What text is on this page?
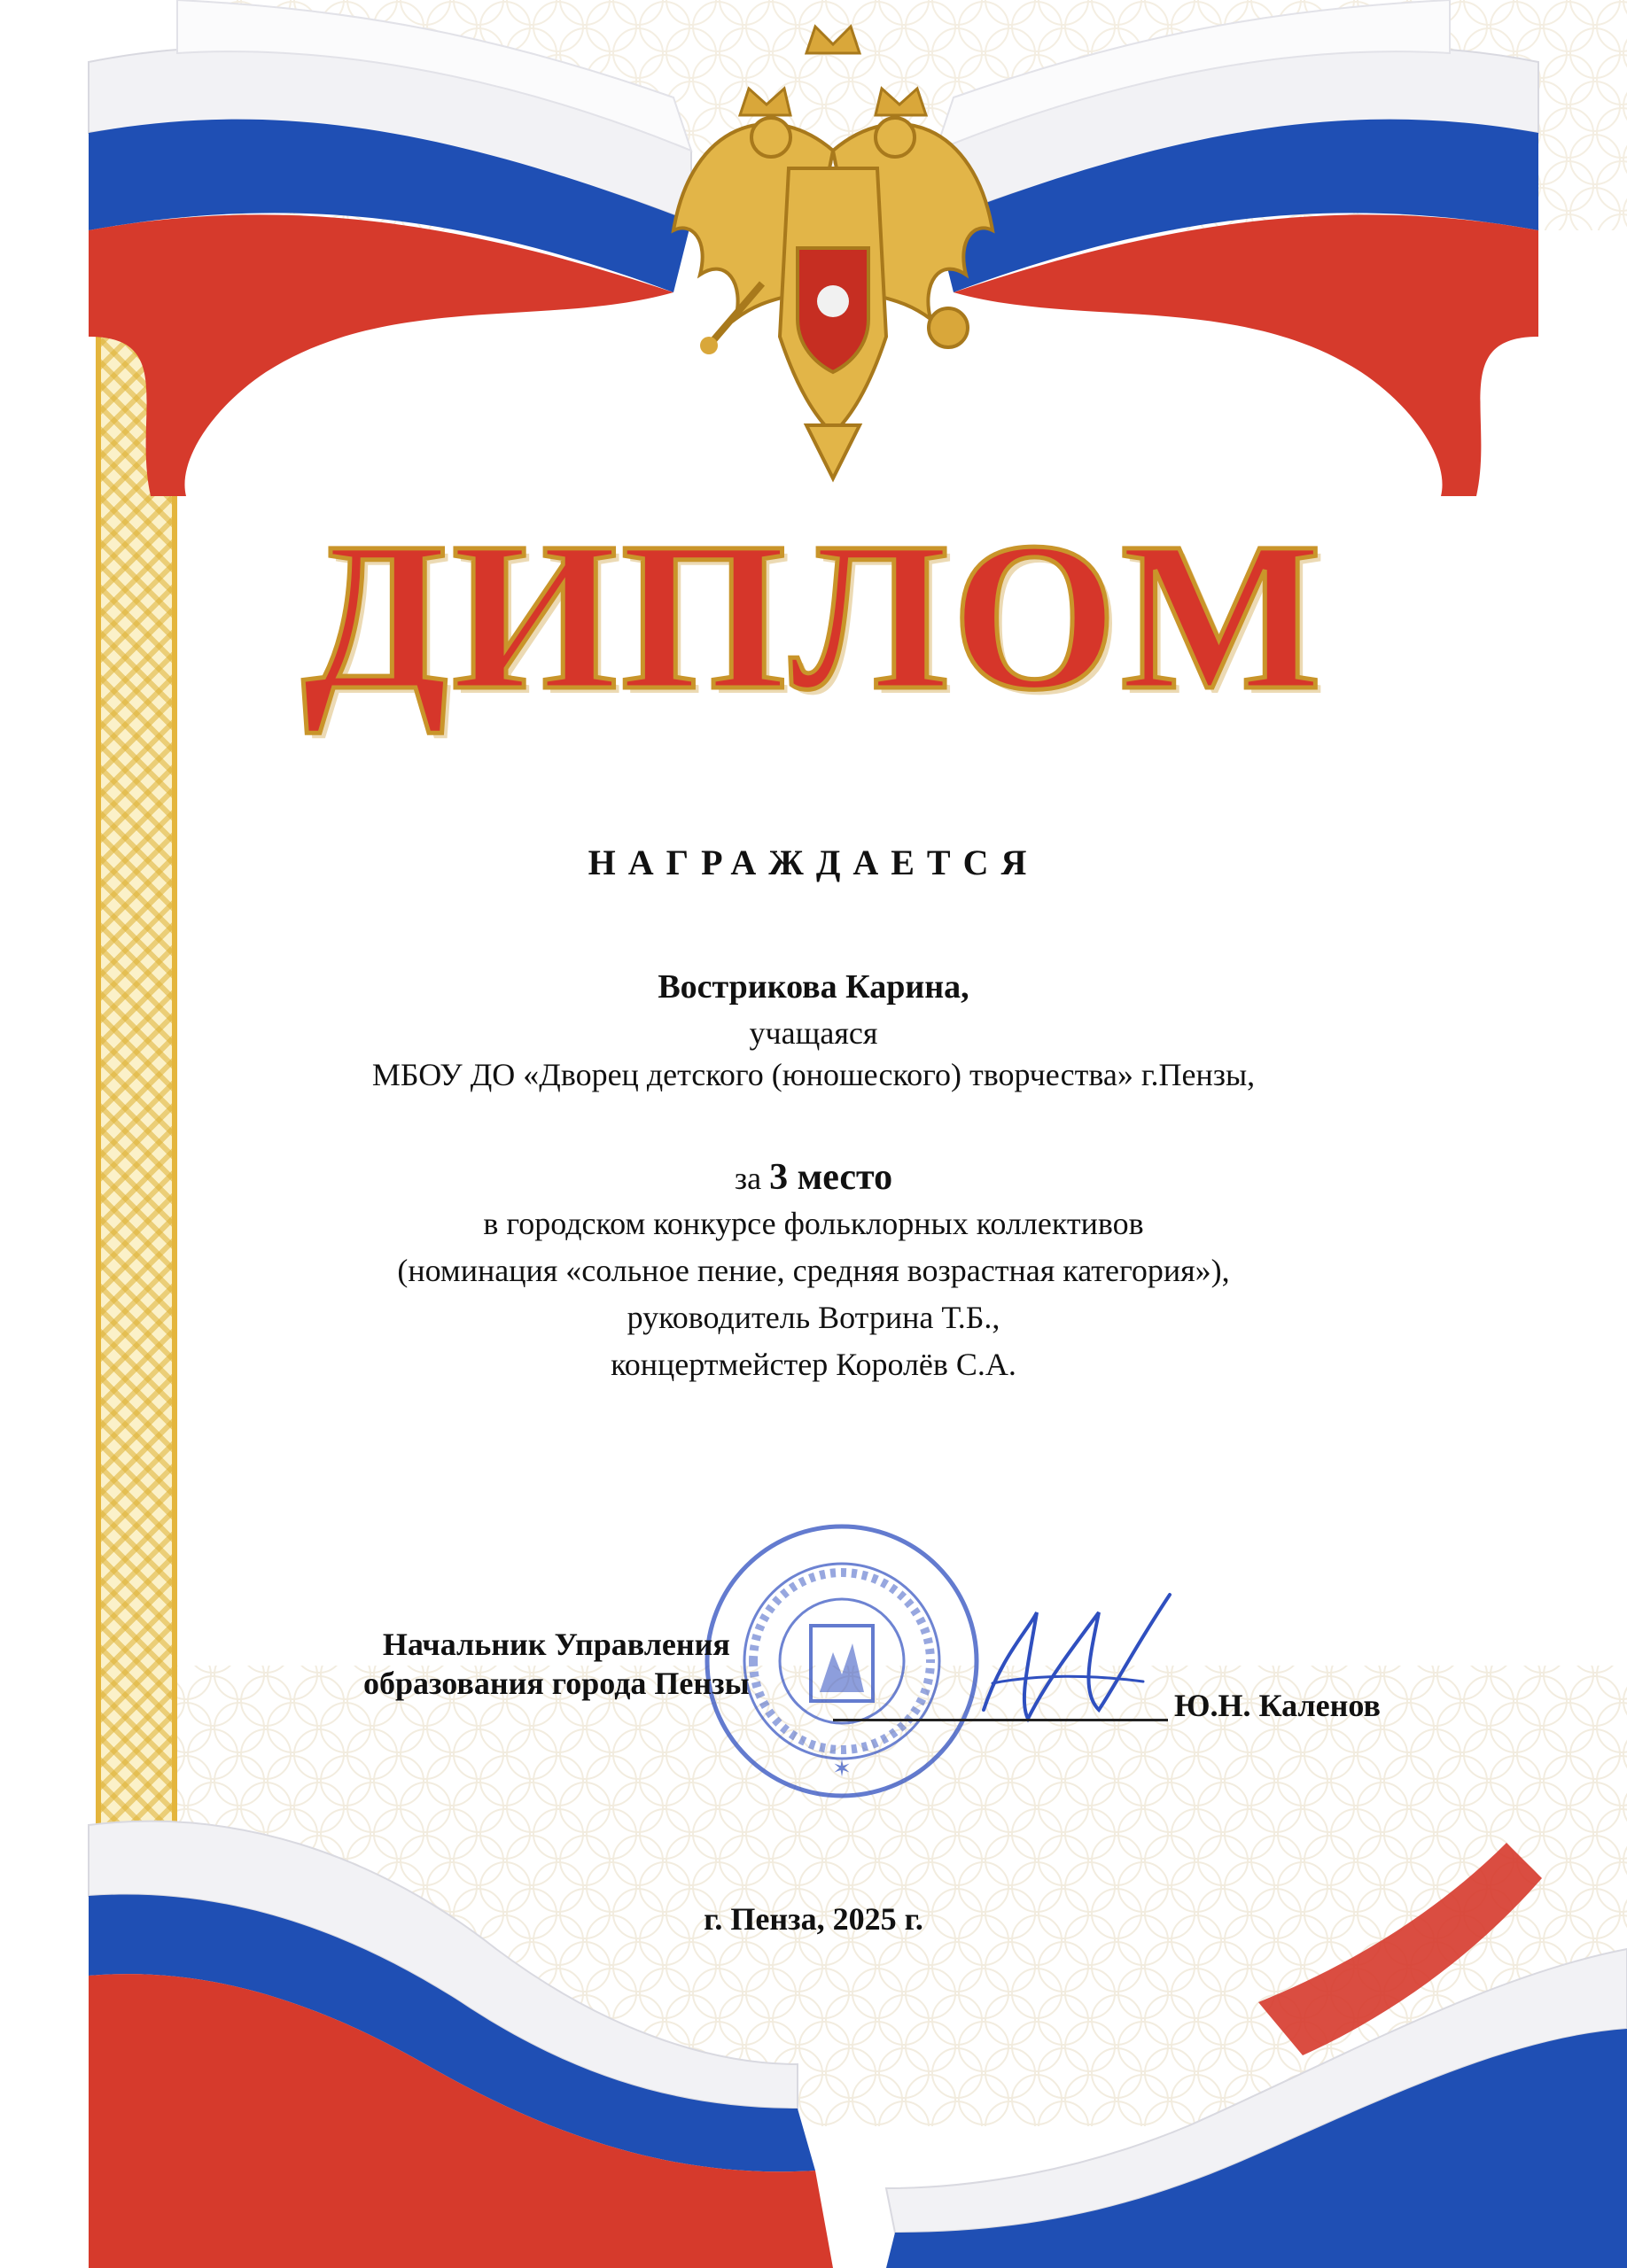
ДИПЛОМ
НАГРАЖДАЕТСЯ
Вострикова Карина,
учащаяся
МБОУ ДО «Дворец детского (юношеского) творчества» г.Пензы,
за 3 место
в городском конкурсе фольклорных коллективов
(номинация «сольное пение, средняя возрастная категория»),
руководитель Вотрина Т.Б.,
концертмейстер Королёв С.А.
✶
Начальник Управления
образования города Пензы
Ю.Н. Каленов
г. Пенза, 2025 г.
